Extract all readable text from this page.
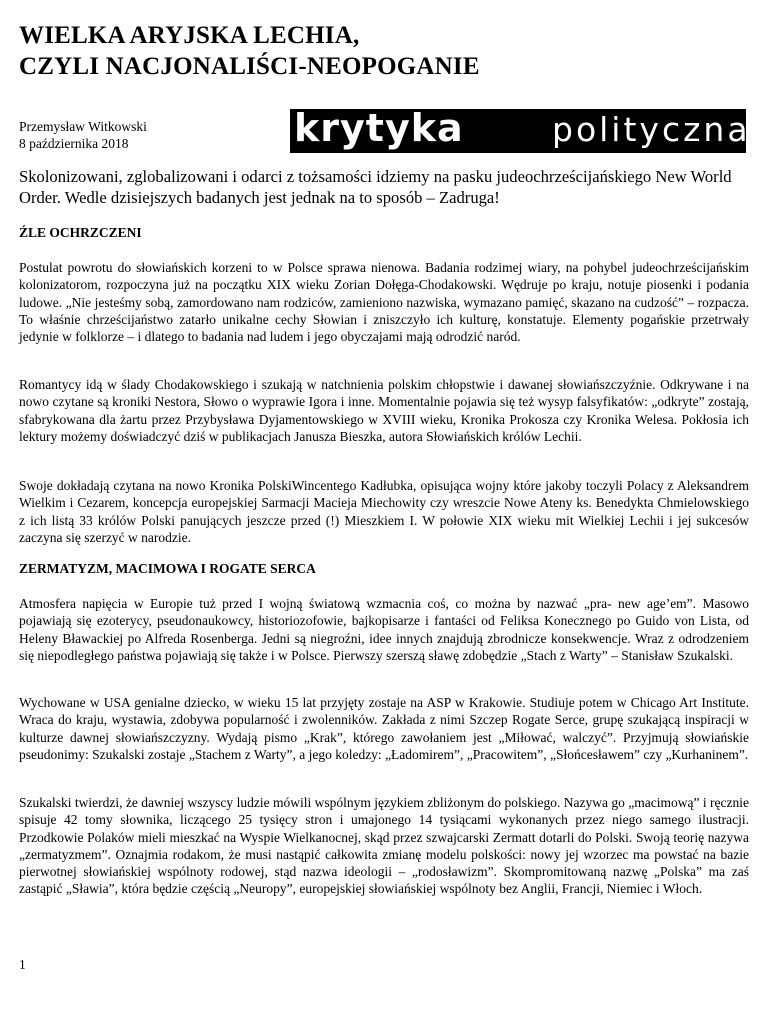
WIELKA ARYJSKA LECHIA,
CZYLI NACJONALIŚCI-NEOPOGANIE
Przemysław Witkowski
8 października 2018	krytyka	polityczna

Skolonizowani, zglobalizowani i odarci z tożsamości idziemy na pasku judeochrześcijańskiego New World Order. Wedle dzisiejszych badanych jest jednak na to sposób – Zadruga!

ŹLE OCHRZCZENI

Postulat powrotu do słowiańskich korzeni to w Polsce sprawa nienowa. Badania rodzimej wiary, na pohybel judeochrześcijańskim kolonizatorom, rozpoczyna już na początku XIX wieku Zorian Dołęga-Chodakowski. Wędruje po kraju, notuje piosenki i podania ludowe. „Nie jesteśmy sobą, zamordowano nam rodziców, zamieniono nazwiska, wymazano pamięć, skazano na cudzość” – rozpacza. To właśnie chrześcijaństwo zatarło unikalne cechy Słowian i zniszczyło ich kulturę, konstatuje. Elementy pogańskie przetrwały jedynie w folklorze – i dlatego to badania nad ludem i jego obyczajami mają odrodzić naród.

Romantycy idą w ślady Chodakowskiego i szukają w natchnienia polskim chłopstwie i dawanej słowiańszczyźnie. Odkrywane i na nowo czytane są kroniki Nestora, Słowo o wyprawie Igora i inne. Momentalnie pojawia się też wysyp falsyfikatów: „odkryte” zostają, sfabrykowana dla żartu przez Przybysława Dyjamentowskiego w XVIII wieku, Kronika Prokosza czy Kronika Welesa. Pokłosia ich lektury możemy doświadczyć dziś w publikacjach Janusza Bieszka, autora Słowiańskich królów Lechii.

Swoje dokładają czytana na nowo Kronika PolskiWincentego Kadłubka, opisująca wojny które jakoby toczyli Polacy z Aleksandrem Wielkim i Cezarem, koncepcja europejskiej Sarmacji Macieja Miechowity czy wreszcie Nowe Ateny ks. Benedykta Chmielowskiego z ich listą 33 królów Polski panujących jeszcze przed (!) Mieszkiem I. W połowie XIX wieku mit Wielkiej Lechii i jej sukcesów zaczyna się szerzyć w narodzie.

ZERMATYZM, MACIMOWA I ROGATE SERCA

Atmosfera napięcia w Europie tuż przed I wojną światową wzmacnia coś, co można by nazwać „pra- new age’em”. Masowo pojawiają się ezoterycy, pseudonaukowcy, historiozofowie, bajkopisarze i fantaści od Feliksa Konecznego po Guido von Lista, od Heleny Bławackiej po Alfreda Rosenberga. Jedni są niegroźni, idee innych znajdują zbrodnicze konsekwencje. Wraz z odrodzeniem się niepodległego państwa pojawiają się także i w Polsce. Pierwszy szerszą sławę zdobędzie „Stach z Warty” – Stanisław Szukalski.

Wychowane w USA genialne dziecko, w wieku 15 lat przyjęty zostaje na ASP w Krakowie. Studiuje potem w Chicago Art Institute. Wraca do kraju, wystawia, zdobywa popularność i zwolenników. Zakłada z nimi Szczep Rogate Serce, grupę szukającą inspiracji w kulturze dawnej słowiańszczyzny. Wydają pismo „Krak”, którego zawołaniem jest „Miłować, walczyć”. Przyjmują słowiańskie pseudonimy: Szukalski zostaje „Stachem z Warty”, a jego koledzy: „Ładomirem”, „Pracowitem”, „Słońcesławem” czy „Kurhaninem”.

Szukalski twierdzi, że dawniej wszyscy ludzie mówili wspólnym językiem zbliżonym do polskiego. Nazywa go „macimową” i ręcznie spisuje 42 tomy słownika, liczącego 25 tysięcy stron i umajonego 14 tysiącami wykonanych przez niego samego ilustracji. Przodkowie Polaków mieli mieszkać na Wyspie Wielkanocnej, skąd przez szwajcarski Zermatt dotarli do Polski. Swoją teorię nazywa „zermatyzmem”. Oznajmia rodakom, że musi nastąpić całkowita zmianę modelu polskości: nowy jej wzorzec ma powstać na bazie pierwotnej słowiańskiej wspólnoty rodowej, stąd nazwa ideologii – „rodosławizm”. Skompromitowaną nazwę „Polska” ma zaś zastąpić „Sławia”, która będzie częścią „Neuropy”, europejskiej słowiańskiej wspólnoty bez Anglii, Francji, Niemiec i Włoch.

1
